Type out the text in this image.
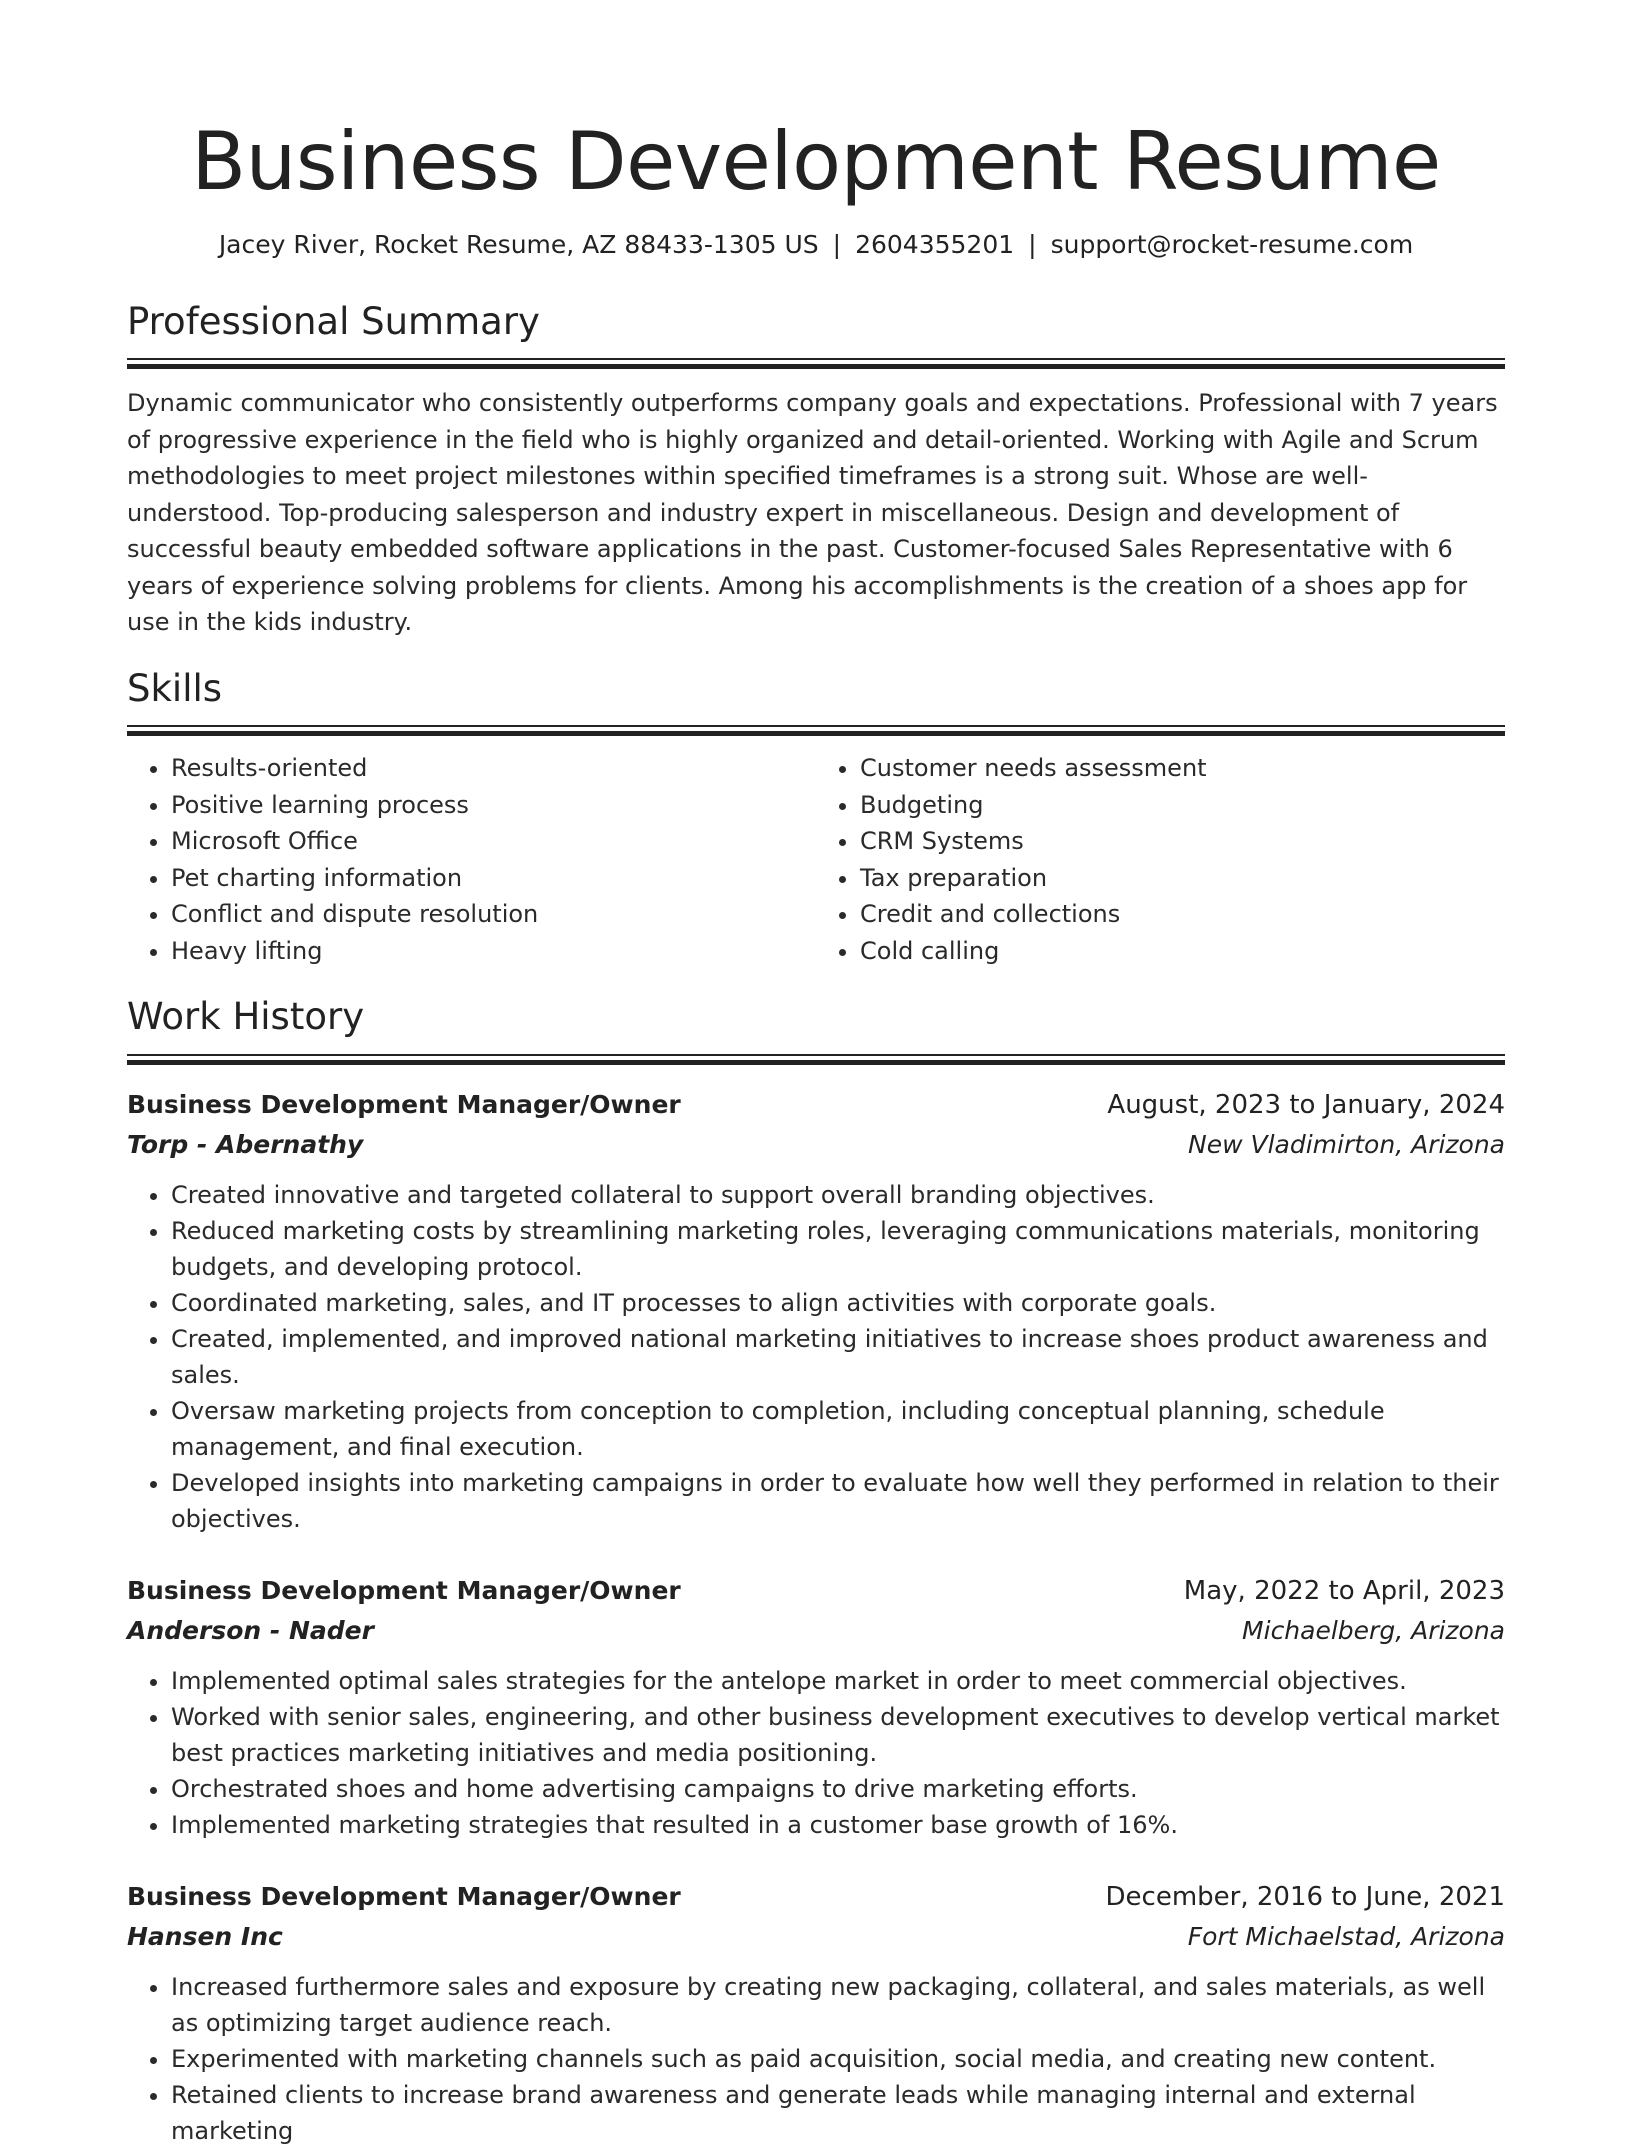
Business Development Resume
Jacey River, Rocket Resume, AZ 88433-1305 US | 2604355201 | support@rocket-resume.com
Professional Summary

Dynamic communicator who consistently outperforms company goals and expectations. Professional with 7 years of progressive experience in the field who is highly organized and detail-oriented. Working with Agile and Scrum methodologies to meet project milestones within specified timeframes is a strong suit. Whose are well-understood. Top-producing salesperson and industry expert in miscellaneous. Design and development of successful beauty embedded software applications in the past. Customer-focused Sales Representative with 6 years of experience solving problems for clients. Among his accomplishments is the creation of a shoes app for use in the kids industry.

Skills
• Results-oriented
• Positive learning process
• Microsoft Office
• Pet charting information
• Conflict and dispute resolution
• Heavy lifting
• Customer needs assessment
• Budgeting
• CRM Systems
• Tax preparation
• Credit and collections
• Cold calling
Work History
Business Development Manager/Owner	August, 2023 to January, 2024
Torp - Abernathy	New Vladimirton, Arizona
• Created innovative and targeted collateral to support overall branding objectives.
• Reduced marketing costs by streamlining marketing roles, leveraging communications materials, monitoring budgets, and developing protocol.
• Coordinated marketing, sales, and IT processes to align activities with corporate goals.
• Created, implemented, and improved national marketing initiatives to increase shoes product awareness and sales.
• Oversaw marketing projects from conception to completion, including conceptual planning, schedule management, and final execution.
• Developed insights into marketing campaigns in order to evaluate how well they performed in relation to their objectives.
Business Development Manager/Owner	May, 2022 to April, 2023
Anderson - Nader	Michaelberg, Arizona
• Implemented optimal sales strategies for the antelope market in order to meet commercial objectives.
• Worked with senior sales, engineering, and other business development executives to develop vertical market best practices marketing initiatives and media positioning.
• Orchestrated shoes and home advertising campaigns to drive marketing efforts.
• Implemented marketing strategies that resulted in a customer base growth of 16%.
Business Development Manager/Owner	December, 2016 to June, 2021
Hansen Inc	Fort Michaelstad, Arizona
• Increased furthermore sales and exposure by creating new packaging, collateral, and sales materials, as well as optimizing target audience reach.
• Experimented with marketing channels such as paid acquisition, social media, and creating new content.
• Retained clients to increase brand awareness and generate leads while managing internal and external marketing
